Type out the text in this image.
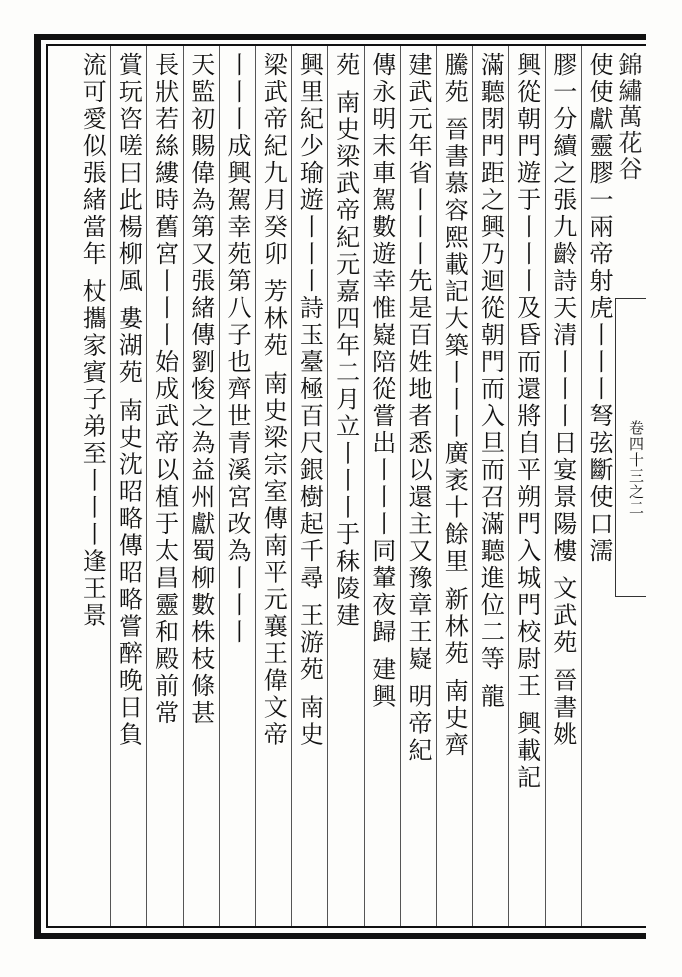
錦繡萬花谷
卷四十三之二
使使獻靈膠一兩帝射虎丨丨丨弩弦斷使口濡
膠一分續之張九齡詩天清丨丨丨日宴景陽樓 文武苑 晉書姚
興從朝門遊于丨丨丨及昏而還將自平朔門入城門校尉王 興載記
滿聽閉門距之興乃迴從朝門而入旦而召滿聽進位二等 龍
騰苑 晉書慕容熙載記大築丨丨丨廣袤十餘里 新林苑 南史齊
建武元年省丨丨丨先是百姓地者悉以還主又豫章王嶷 明帝紀
傳永明末車駕數遊幸惟嶷陪從嘗出丨丨丨同輦夜歸 建興
苑 南史梁武帝紀元嘉四年二月立丨丨丨于秣陵建
興里紀少瑜遊丨丨丨詩玉臺極百尺銀樹起千尋 王游苑 南史
梁武帝紀九月癸卯 芳林苑 南史梁宗室傳南平元襄王偉文帝
丨丨丨成興駕幸苑第八子也齊世青溪宮改為丨丨丨
天監初賜偉為第又張緒傳劉悛之為益州獻蜀柳數株枝條甚
長狀若絲縷時舊宮丨丨丨始成武帝以植于太昌靈和殿前常
賞玩咨嗟曰此楊柳風 婁湖苑 南史沈昭略傳昭略嘗醉晚日負
流可愛似張緒當年 杖攜家賓子弟至丨丨丨逢王景
